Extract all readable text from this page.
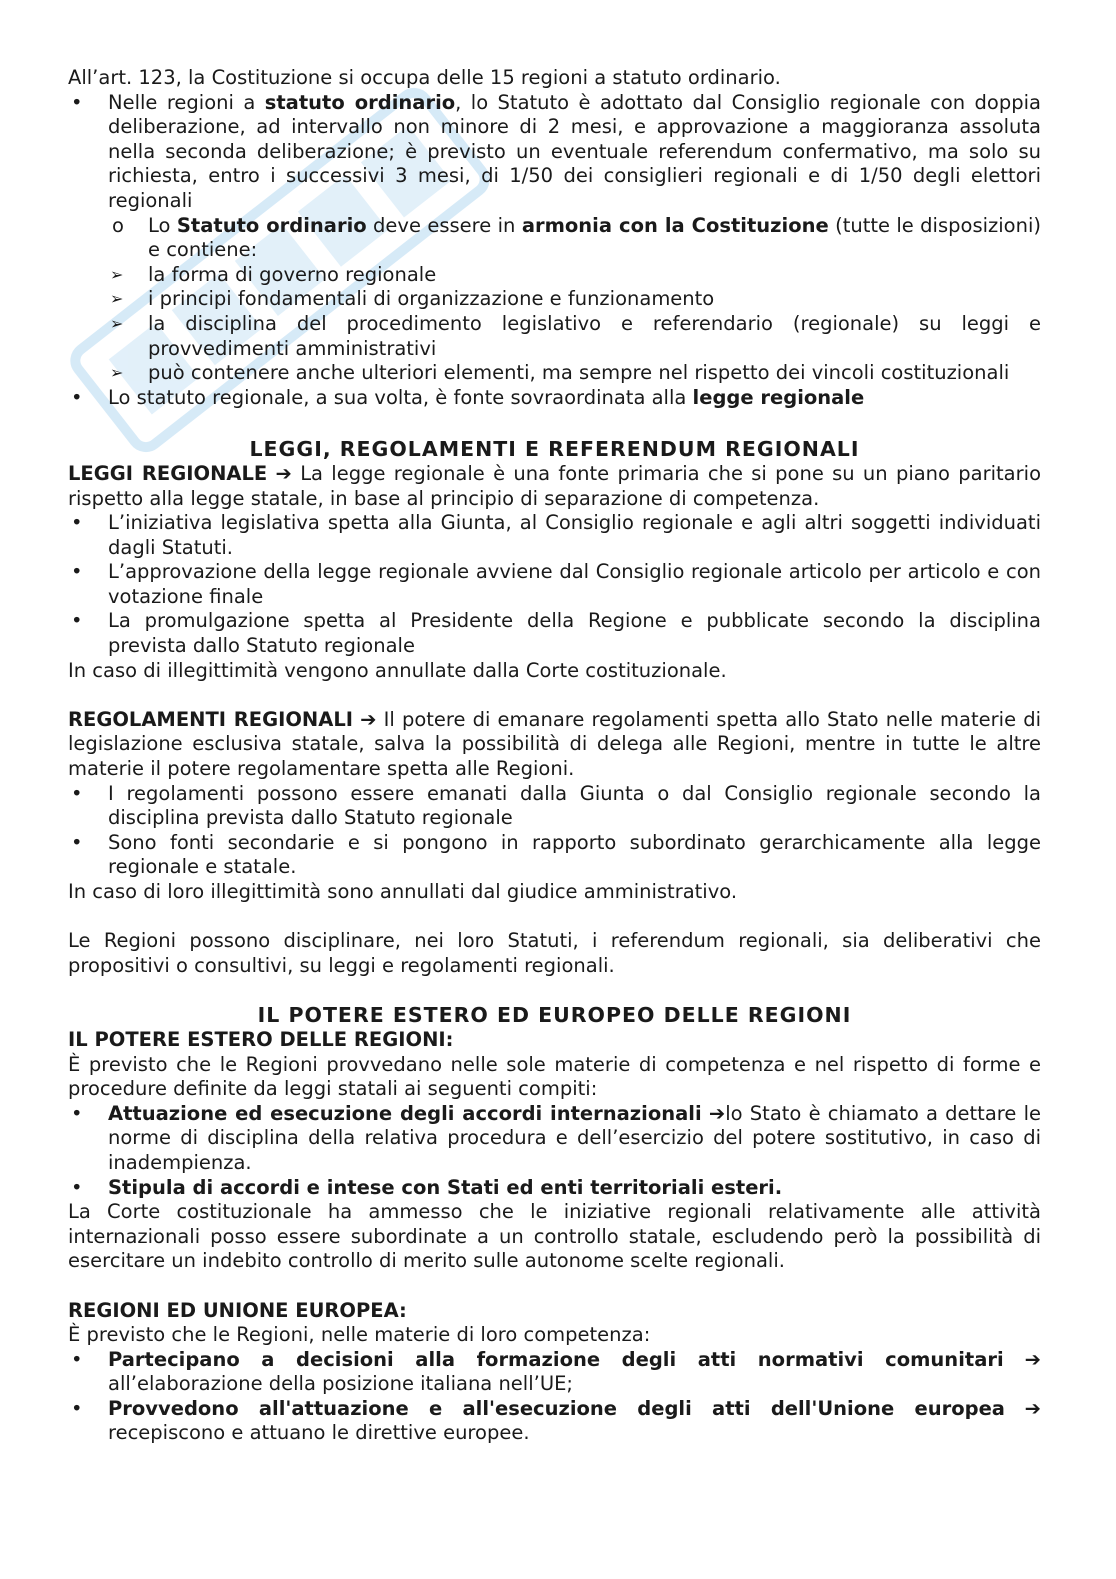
All’art. 123, la Costituzione si occupa delle 15 regioni a statuto ordinario.

•	Nelle regioni a statuto ordinario, lo Statuto è adottato dal Consiglio regionale con doppia deliberazione, ad intervallo non minore di 2 mesi, e approvazione a maggioranza assoluta nella seconda deliberazione; è previsto un eventuale referendum confermativo, ma solo su richiesta, entro i successivi 3 mesi, di 1/50 dei consiglieri regionali e di 1/50 degli elettori regionali
o Lo Statuto ordinario deve essere in armonia con la Costituzione (tutte le disposizioni) e contiene:
➢ la forma di governo regionale
➢ i principi fondamentali di organizzazione e funzionamento
➢ la disciplina del procedimento legislativo e referendario (regionale) su leggi e provvedimenti amministrativi
➢ può contenere anche ulteriori elementi, ma sempre nel rispetto dei vincoli costituzionali
•	Lo statuto regionale, a sua volta, è fonte sovraordinata alla legge regionale
LEGGI, REGOLAMENTI E REFERENDUM REGIONALI

LEGGI REGIONALE ➔ La legge regionale è una fonte primaria che si pone su un piano paritario rispetto alla legge statale, in base al principio di separazione di competenza.

•	L’iniziativa legislativa spetta alla Giunta, al Consiglio regionale e agli altri soggetti individuati dagli Statuti.
•	L’approvazione della legge regionale avviene dal Consiglio regionale articolo per articolo e con votazione finale
•	La promulgazione spetta al Presidente della Regione e pubblicate secondo la disciplina prevista dallo Statuto regionale

In caso di illegittimità vengono annullate dalla Corte costituzionale.

REGOLAMENTI REGIONALI ➔ Il potere di emanare regolamenti spetta allo Stato nelle materie di legislazione esclusiva statale, salva la possibilità di delega alle Regioni, mentre in tutte le altre materie il potere regolamentare spetta alle Regioni.

•	I regolamenti possono essere emanati dalla Giunta o dal Consiglio regionale secondo la disciplina prevista dallo Statuto regionale
•	Sono fonti secondarie e si pongono in rapporto subordinato gerarchicamente alla legge regionale e statale.

In caso di loro illegittimità sono annullati dal giudice amministrativo.

Le Regioni possono disciplinare, nei loro Statuti, i referendum regionali, sia deliberativi che propositivi o consultivi, su leggi e regolamenti regionali.

IL POTERE ESTERO ED EUROPEO DELLE REGIONI
IL POTERE ESTERO DELLE REGIONI:

È previsto che le Regioni provvedano nelle sole materie di competenza e nel rispetto di forme e procedure definite da leggi statali ai seguenti compiti:

•	Attuazione ed esecuzione degli accordi internazionali ➔lo Stato è chiamato a dettare le norme di disciplina della relativa procedura e dell’esercizio del potere sostitutivo, in caso di inadempienza.
•	Stipula di accordi e intese con Stati ed enti territoriali esteri.

La Corte costituzionale ha ammesso che le iniziative regionali relativamente alle attività internazionali posso essere subordinate a un controllo statale, escludendo però la possibilità di esercitare un indebito controllo di merito sulle autonome scelte regionali.

REGIONI ED UNIONE EUROPEA:

È previsto che le Regioni, nelle materie di loro competenza:

•	Partecipano a decisioni alla formazione degli atti normativi comunitari ➔ all’elaborazione della posizione italiana nell’UE;
•	Provvedono all'attuazione e all'esecuzione degli atti dell'Unione europea ➔ recepiscono e attuano le direttive europee.
